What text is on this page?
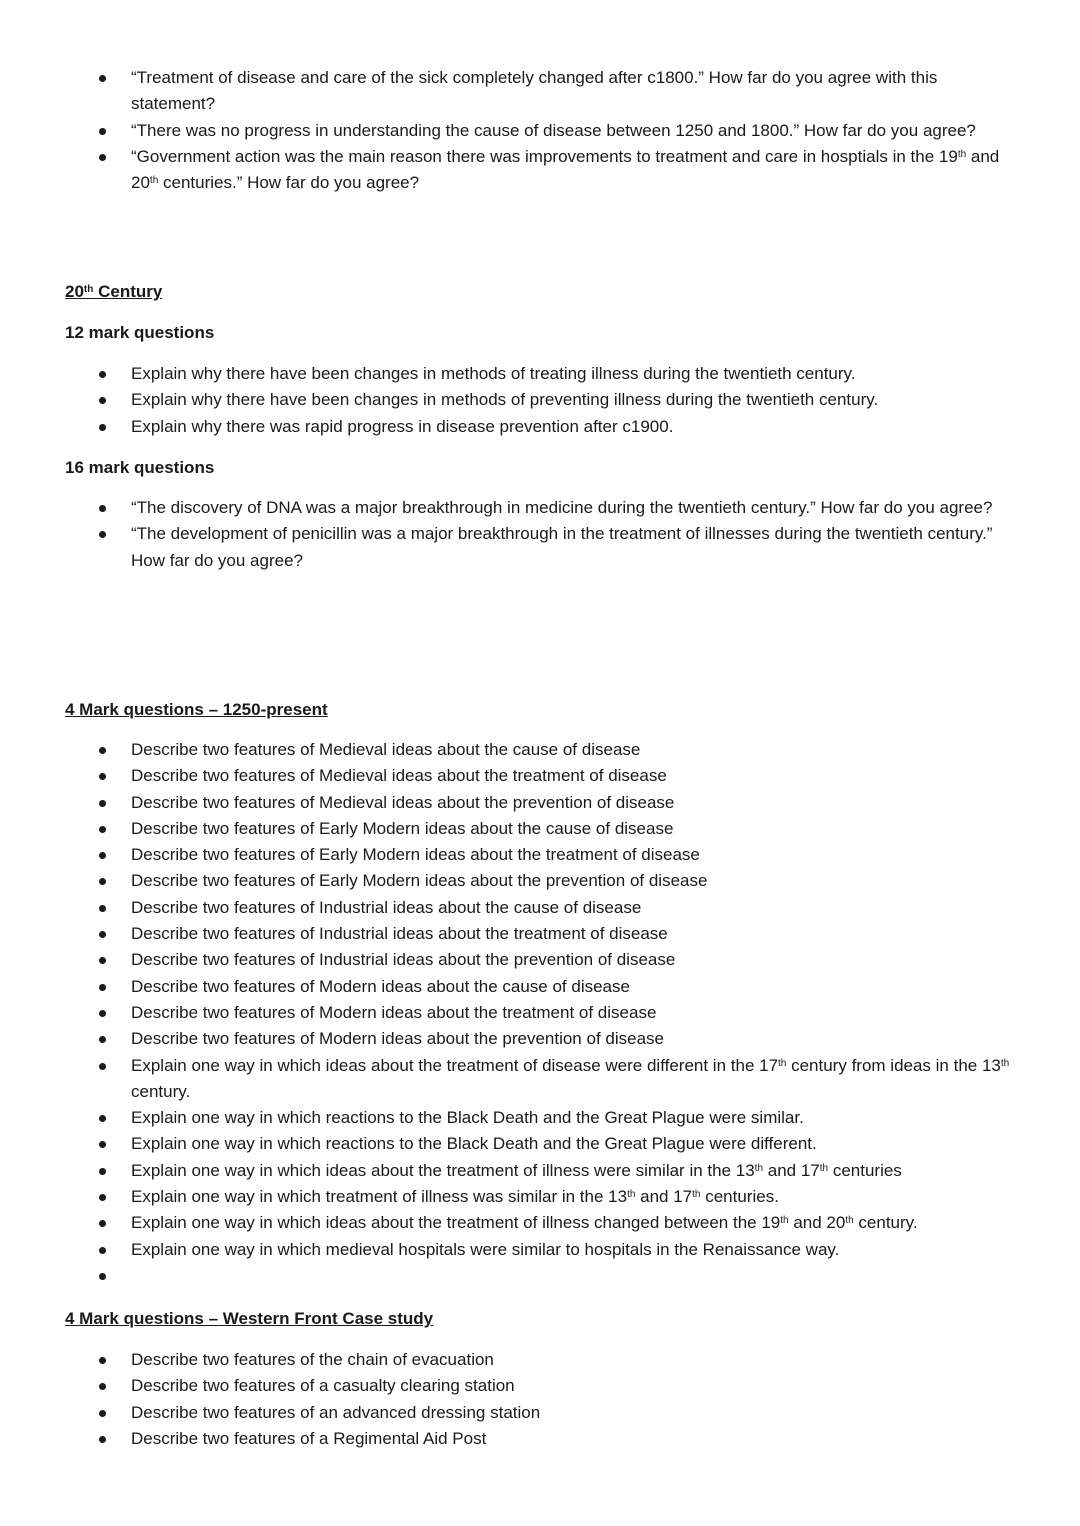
“Treatment of disease and care of the sick completely changed after c1800.” How far do you agree with this statement?
“There was no progress in understanding the cause of disease between 1250 and 1800.” How far do you agree?
“Government action was the main reason there was improvements to treatment and care in hosptials in the 19th and 20th centuries.” How far do you agree?
20th Century
12 mark questions
Explain why there have been changes in methods of treating illness during the twentieth century.
Explain why there have been changes in methods of preventing illness during the twentieth century.
Explain why there was rapid progress in disease prevention after c1900.
16 mark questions
“The discovery of DNA was a major breakthrough in medicine during the twentieth century.” How far do you agree?
“The development of penicillin was a major breakthrough in the treatment of illnesses during the twentieth century.” How far do you agree?
4 Mark questions – 1250-present
Describe two features of Medieval ideas about the cause of disease
Describe two features of Medieval ideas about the treatment of disease
Describe two features of Medieval ideas about the prevention of disease
Describe two features of Early Modern ideas about the cause of disease
Describe two features of Early Modern ideas about the treatment of disease
Describe two features of Early Modern ideas about the prevention of disease
Describe two features of Industrial ideas about the cause of disease
Describe two features of Industrial ideas about the treatment of disease
Describe two features of Industrial ideas about the prevention of disease
Describe two features of Modern ideas about the cause of disease
Describe two features of Modern ideas about the treatment of disease
Describe two features of Modern ideas about the prevention of disease
Explain one way in which ideas about the treatment of disease were different in the 17th century from ideas in the 13th century.
Explain one way in which reactions to the Black Death and the Great Plague were similar.
Explain one way in which reactions to the Black Death and the Great Plague were different.
Explain one way in which ideas about the treatment of illness were similar in the 13th and 17th centuries
Explain one way in which treatment of illness was similar in the 13th and 17th centuries.
Explain one way in which ideas about the treatment of illness changed between the 19th and 20th century.
Explain one way in which medieval hospitals were similar to hospitals in the Renaissance way.

4 Mark questions – Western Front Case study
Describe two features of the chain of evacuation
Describe two features of a casualty clearing station
Describe two features of an advanced dressing station
Describe two features of a Regimental Aid Post
